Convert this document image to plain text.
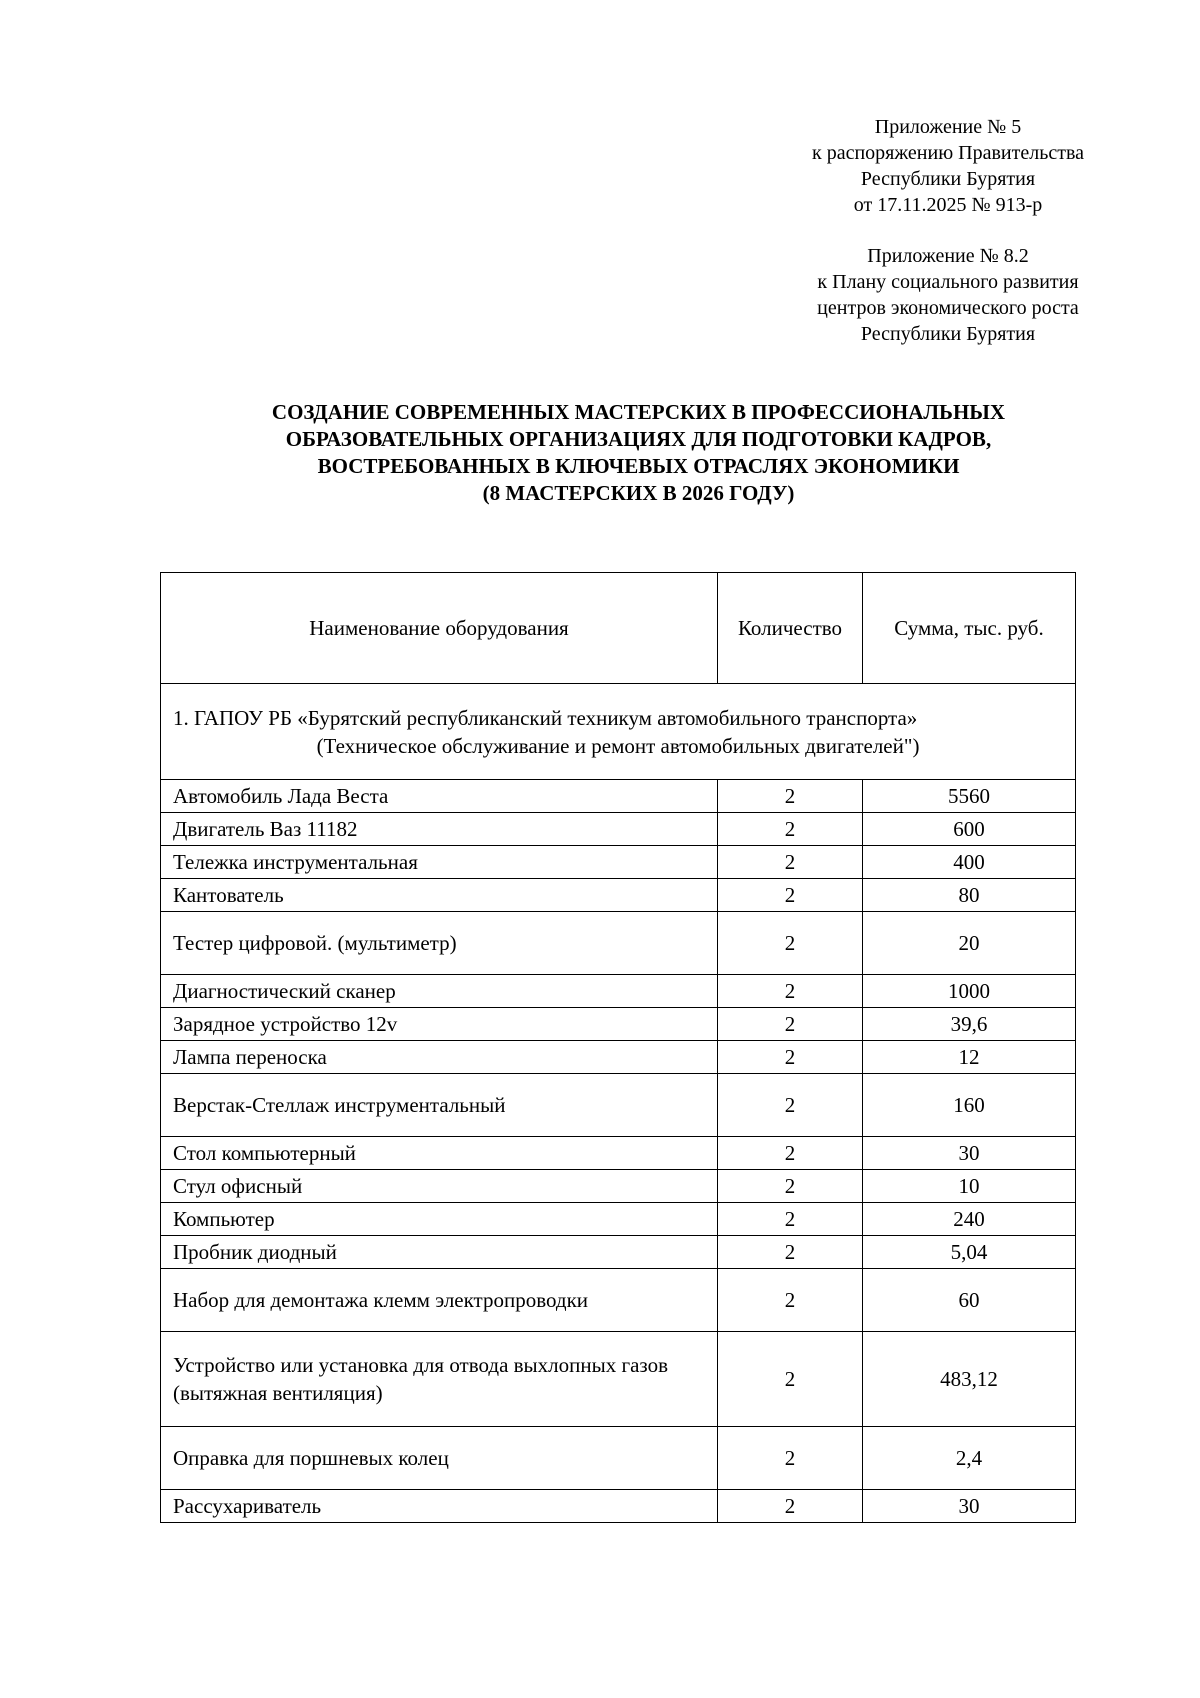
Приложение № 5
к распоряжению Правительства
Республики Бурятия
от 17.11.2025 № 913-р
Приложение № 8.2
к Плану социального развития
центров экономического роста
Республики Бурятия
СОЗДАНИЕ СОВРЕМЕННЫХ МАСТЕРСКИХ В ПРОФЕССИОНАЛЬНЫХ
ОБРАЗОВАТЕЛЬНЫХ ОРГАНИЗАЦИЯХ ДЛЯ ПОДГОТОВКИ КАДРОВ,
ВОСТРЕБОВАННЫХ В КЛЮЧЕВЫХ ОТРАСЛЯХ ЭКОНОМИКИ
(8 МАСТЕРСКИХ В 2026 ГОДУ)
Наименование оборудования	Количество	Сумма, тыс. руб.

1. ГАПОУ РБ «Бурятский республиканский техникум автомобильного транспорта»
(Техническое обслуживание и ремонт автомобильных двигателей")		

Автомобиль Лада Веста	2	5560
Двигатель Ваз 11182	2	600
Тележка инструментальная	2	400
Кантователь	2	80
Тестер цифровой. (мультиметр)	2	20
Диагностический сканер	2	1000
Зарядное устройство 12v	2	39,6
Лампа переноска	2	12
Верстак-Стеллаж инструментальный	2	160
Стол компьютерный	2	30
Стул офисный	2	10
Компьютер	2	240
Пробник диодный	2	5,04
Набор для демонтажа клемм электропроводки	2	60
Устройство или установка для отвода выхлопных газов (вытяжная вентиляция)	2	483,12
Оправка для поршневых колец	2	2,4
Рассухариватель	2	30
